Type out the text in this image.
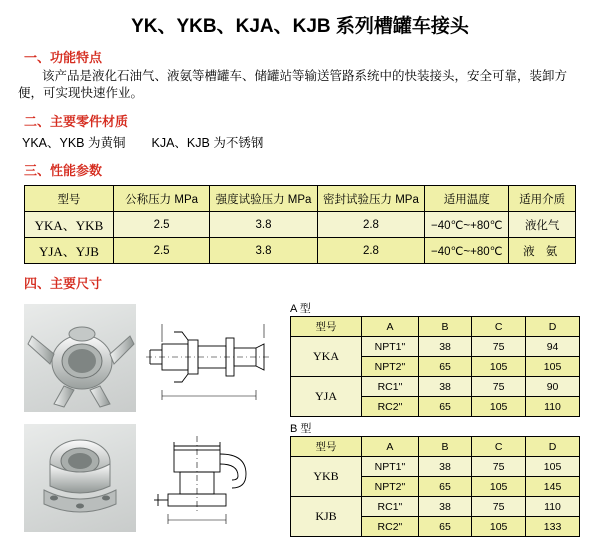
YK、YKB、KJA、KJB 系列槽罐车接头
一、功能特点
该产品是液化石油气、液氨等槽罐车、储罐站等输送管路系统中的快装接头，安全可靠，装卸方便，可实现快速作业。
二、主要零件材质
YKA、YKB 为黄铜 KJA、KJB 为不锈钢
三、性能参数
型号	公称压力 MPa	强度试验压力 MPa	密封试验压力 MPa	适用温度	适用介质
YKA、YKB	2.5	3.8	2.8	−40℃~+80℃	液化气
YJA、YJB	2.5	3.8	2.8	−40℃~+80℃	液 氨
四、主要尺寸
A 型
型号	A	B	C	D
YKA	NPT1"	38	75	94
	NPT2"	65	105	105
YJA	RC1"	38	75	90
	RC2"	65	105	110
B 型
型号	A	B	C	D
YKB	NPT1"	38	75	105
	NPT2"	65	105	145
KJB	RC1"	38	75	110
	RC2"	65	105	133
